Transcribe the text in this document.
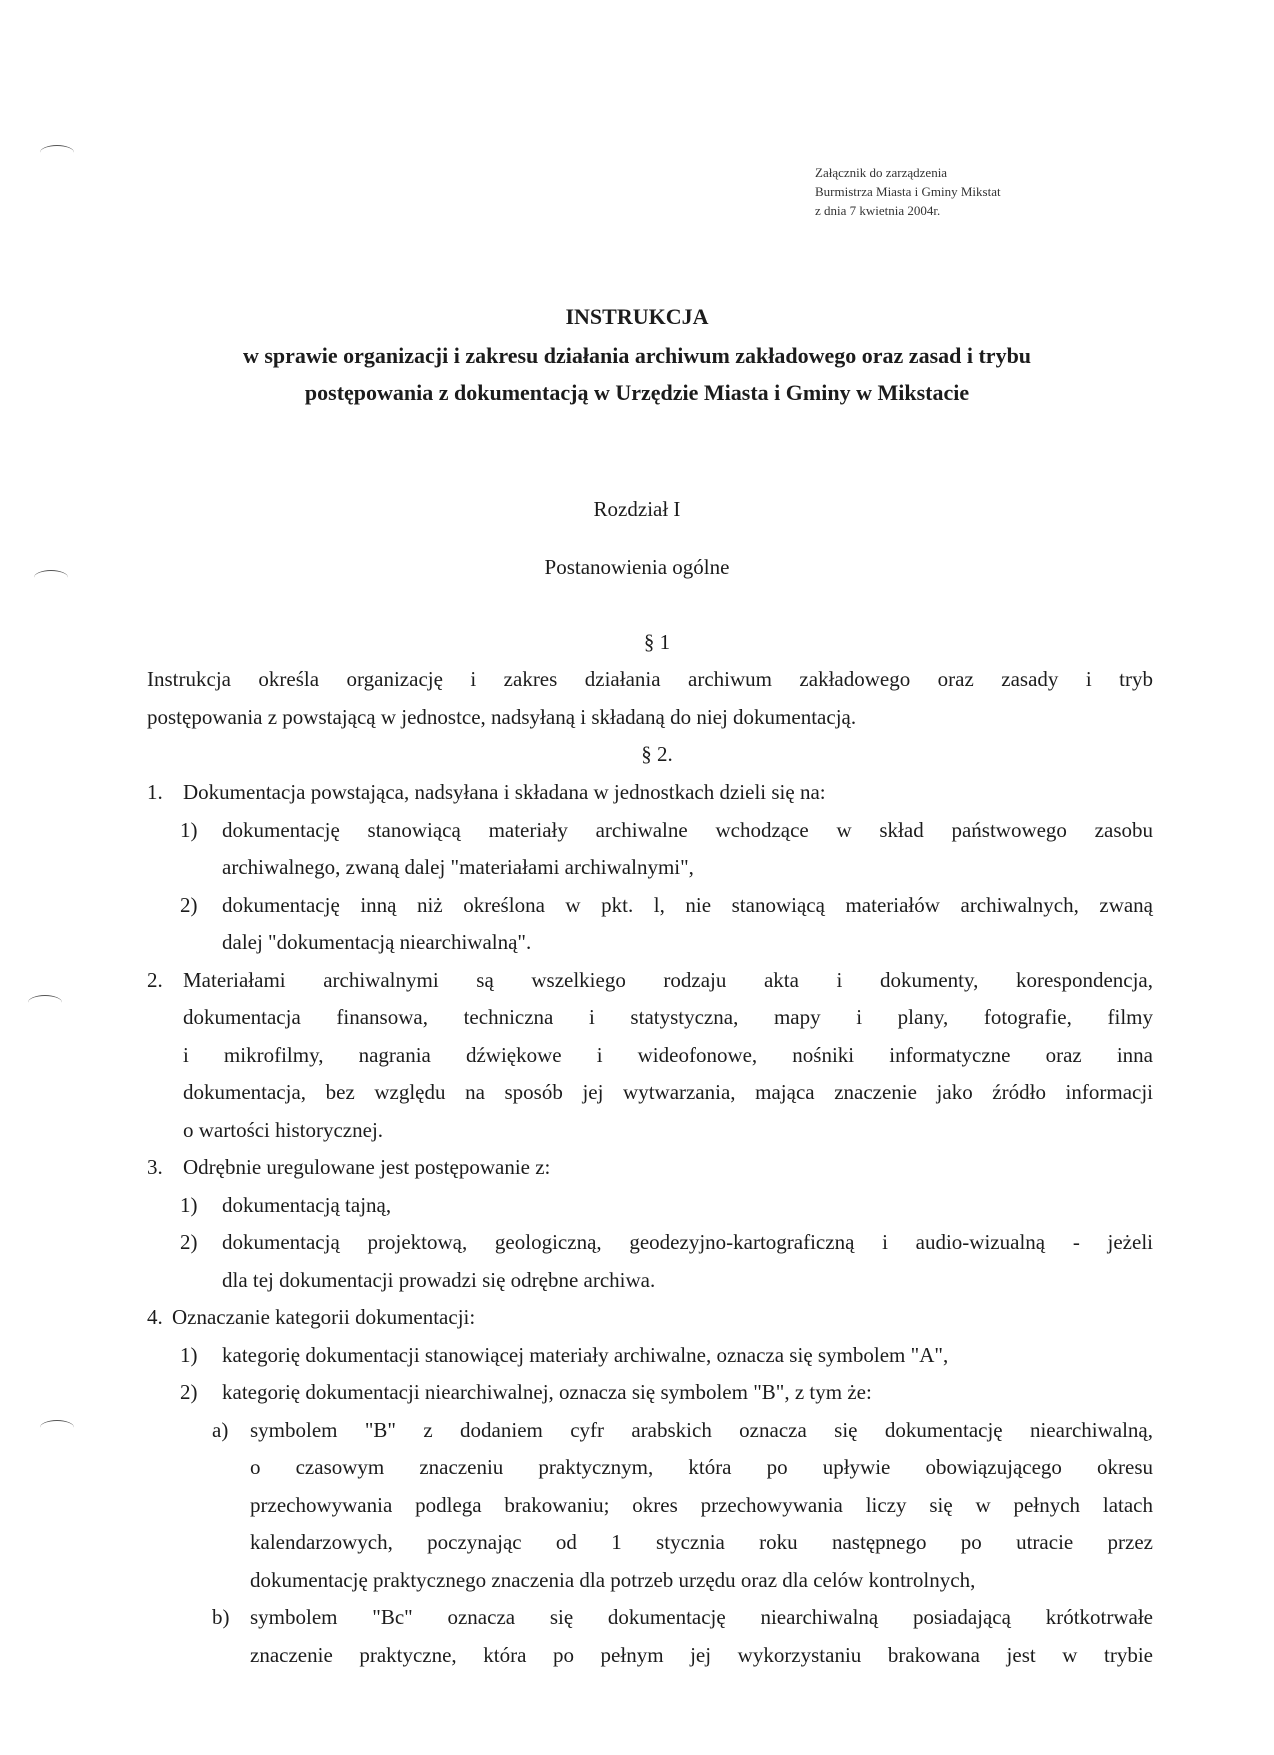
Załącznik do zarządzenia

Burmistrza Miasta i Gminy Mikstat

z dnia 7 kwietnia 2004r.

INSTRUKCJA

w sprawie organizacji i zakresu działania archiwum zakładowego oraz zasad i trybu

postępowania z dokumentacją w Urzędzie Miasta i Gminy w Mikstacie

Rozdział I

Postanowienia ogólne

§ 1

Instrukcja określa organizację i zakres działania archiwum zakładowego oraz zasady i tryb

postępowania z powstającą w jednostce, nadsyłaną i składaną do niej dokumentacją.

§ 2.

1. Dokumentacja powstająca, nadsyłana i składana w jednostkach dzieli się na:

1) dokumentację stanowiącą materiały archiwalne wchodzące w skład państwowego zasobu

archiwalnego, zwaną dalej "materiałami archiwalnymi",

2) dokumentację inną niż określona w pkt. l, nie stanowiącą materiałów archiwalnych, zwaną

dalej "dokumentacją niearchiwalną".

2. Materiałami archiwalnymi są wszelkiego rodzaju akta i dokumenty, korespondencja,

dokumentacja finansowa, techniczna i statystyczna, mapy i plany, fotografie, filmy

i mikrofilmy, nagrania dźwiękowe i wideofonowe, nośniki informatyczne oraz inna

dokumentacja, bez względu na sposób jej wytwarzania, mająca znaczenie jako źródło informacji

o wartości historycznej.

3. Odrębnie uregulowane jest postępowanie z:

1) dokumentacją tajną,

2) dokumentacją projektową, geologiczną, geodezyjno-kartograficzną i audio-wizualną - jeżeli

dla tej dokumentacji prowadzi się odrębne archiwa.

4. Oznaczanie kategorii dokumentacji:

1) kategorię dokumentacji stanowiącej materiały archiwalne, oznacza się symbolem "A",

2) kategorię dokumentacji niearchiwalnej, oznacza się symbolem "B", z tym że:

a) symbolem "B" z dodaniem cyfr arabskich oznacza się dokumentację niearchiwalną,

o czasowym znaczeniu praktycznym, która po upływie obowiązującego okresu

przechowywania podlega brakowaniu; okres przechowywania liczy się w pełnych latach

kalendarzowych, poczynając od 1 stycznia roku następnego po utracie przez

dokumentację praktycznego znaczenia dla potrzeb urzędu oraz dla celów kontrolnych,

b) symbolem "Bc" oznacza się dokumentację niearchiwalną posiadającą krótkotrwałe

znaczenie praktyczne, która po pełnym jej wykorzystaniu brakowana jest w trybie
